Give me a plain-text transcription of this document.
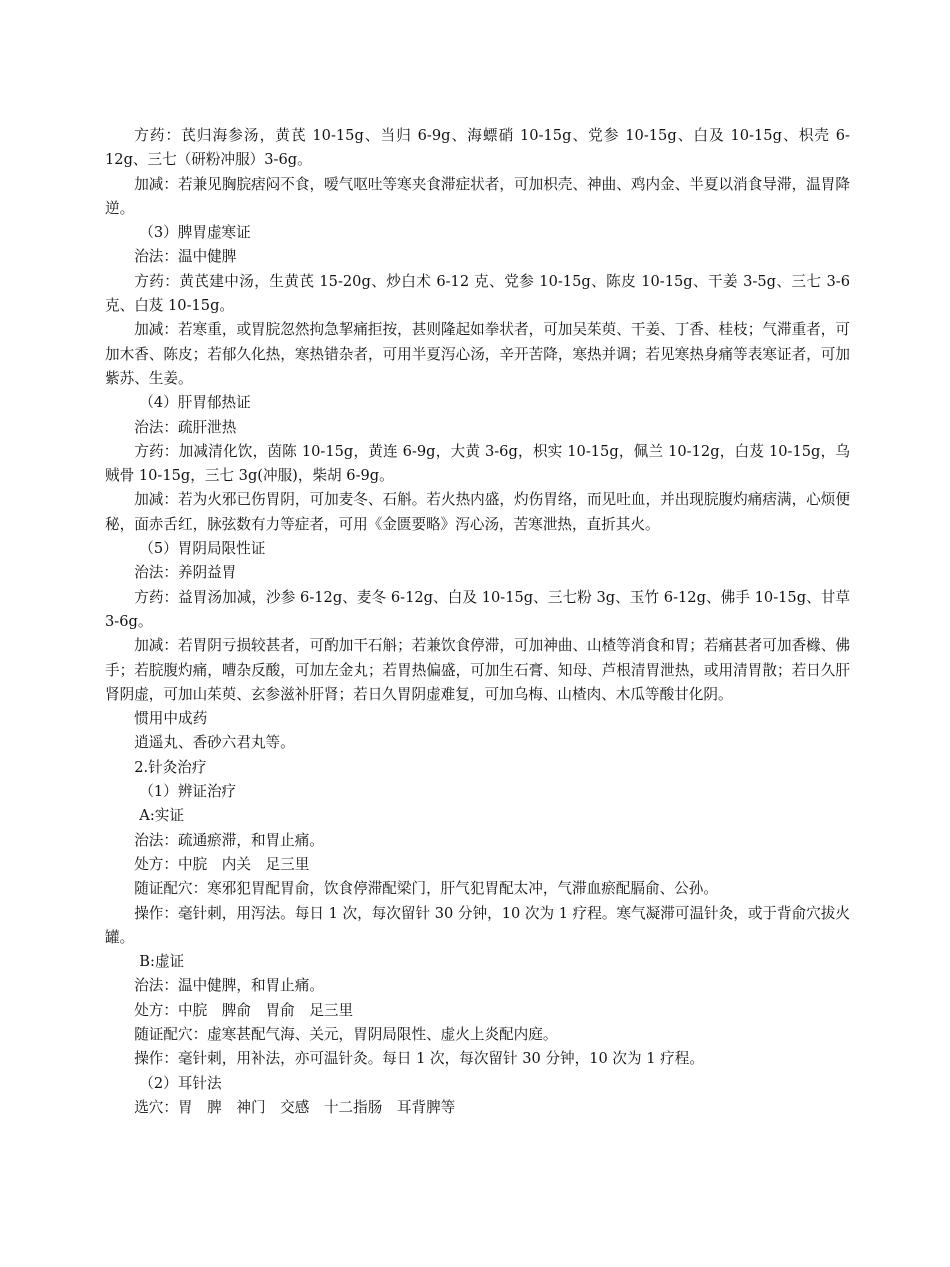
方药：芪归海参汤，黄芪 10-15g、当归 6-9g、海螵硝 10-15g、党参 10-15g、白及 10-15g、枳壳 6-12g、三七（研粉冲服）3-6g。

加减：若兼见胸脘痞闷不食，嗳气呕吐等寒夹食滞症状者，可加枳壳、神曲、鸡内金、半夏以消食导滞，温胃降逆。

（3）脾胃虚寒证

治法：温中健脾

方药：黄芪建中汤，生黄芪 15-20g、炒白术 6-12 克、党参 10-15g、陈皮 10-15g、干姜 3-5g、三七 3-6 克、白芨 10-15g。

加减：若寒重，或胃脘忽然拘急挈痛拒按，甚则隆起如拳状者，可加吴茱萸、干姜、丁香、桂枝；气滞重者，可加木香、陈皮；若郁久化热，寒热错杂者，可用半夏泻心汤，辛开苦降，寒热并调；若见寒热身痛等表寒证者，可加紫苏、生姜。

（4）肝胃郁热证

治法：疏肝泄热

方药：加减清化饮，茵陈 10-15g，黄连 6-9g，大黄 3-6g，枳实 10-15g，佩兰 10-12g，白芨 10-15g，乌贼骨 10-15g，三七 3g(冲服)，柴胡 6-9g。

加减：若为火邪已伤胃阴，可加麦冬、石斛。若火热内盛，灼伤胃络，而见吐血，并出现脘腹灼痛痞满，心烦便秘，面赤舌红，脉弦数有力等症者，可用《金匮要略》泻心汤，苦寒泄热，直折其火。

（5）胃阴局限性证

治法：养阴益胃

方药：益胃汤加减，沙参 6-12g、麦冬 6-12g、白及 10-15g、三七粉 3g、玉竹 6-12g、佛手 10-15g、甘草 3-6g。

加减：若胃阴亏损较甚者，可酌加干石斛；若兼饮食停滞，可加神曲、山楂等消食和胃；若痛甚者可加香橼、佛手；若脘腹灼痛，嘈杂反酸，可加左金丸；若胃热偏盛，可加生石膏、知母、芦根清胃泄热，或用清胃散；若日久肝肾阴虚，可加山茱萸、玄参滋补肝肾；若日久胃阴虚难复，可加乌梅、山楂肉、木瓜等酸甘化阴。

惯用中成药

逍遥丸、香砂六君丸等。

2.针灸治疗

（1）辨证治疗

A:实证

治法：疏通瘀滞，和胃止痛。

处方：中脘　内关　足三里

随证配穴：寒邪犯胃配胃俞，饮食停滞配梁门，肝气犯胃配太冲，气滞血瘀配膈俞、公孙。

操作：毫针刺，用泻法。每日 1 次，每次留针 30 分钟，10 次为 1 疗程。寒气凝滞可温针灸，或于背俞穴拔火罐。

B:虚证

治法：温中健脾，和胃止痛。

处方：中脘　脾俞　胃俞　足三里

随证配穴：虚寒甚配气海、关元，胃阴局限性、虚火上炎配内庭。

操作：毫针刺，用补法，亦可温针灸。每日 1 次，每次留针 30 分钟，10 次为 1 疗程。

（2）耳针法

选穴：胃　脾　神门　交感　十二指肠　耳背脾等
